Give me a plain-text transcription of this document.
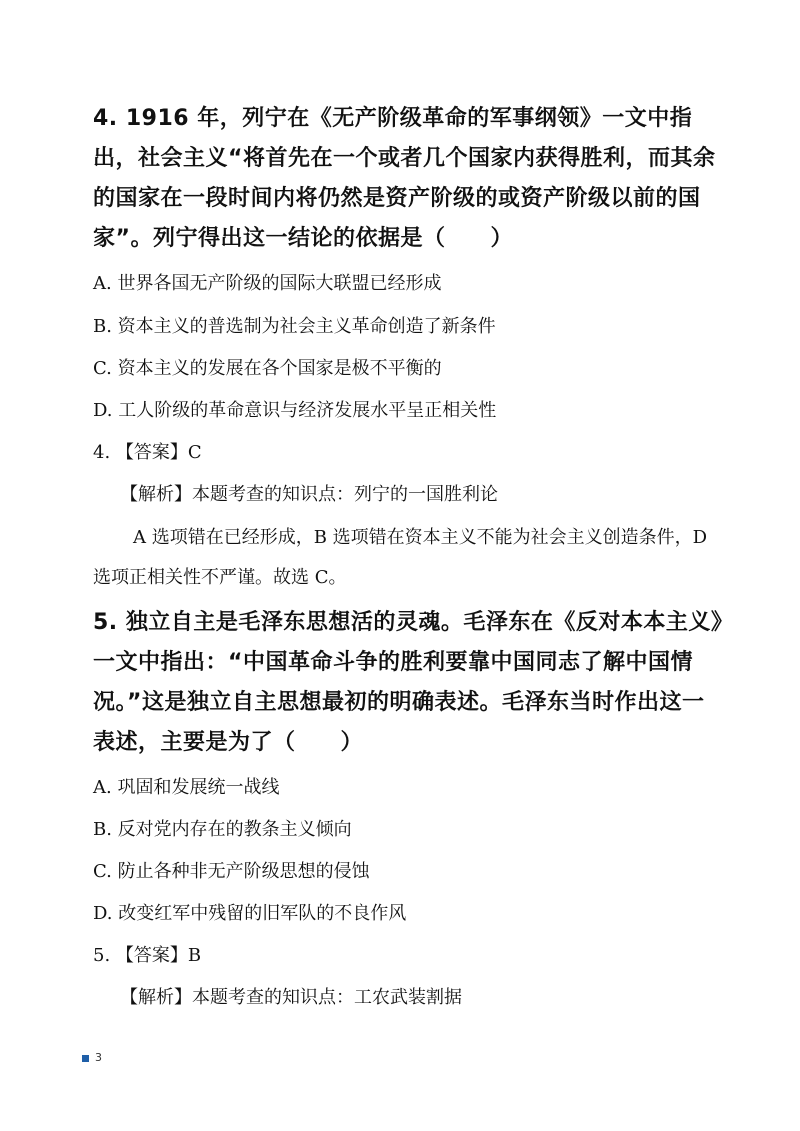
4. 1916 年，列宁在《无产阶级革命的军事纲领》一文中指出，社会主义“将首先在一个或者几个国家内获得胜利，而其余的国家在一段时间内将仍然是资产阶级的或资产阶级以前的国家”。列宁得出这一结论的依据是（　　）
A. 世界各国无产阶级的国际大联盟已经形成
B. 资本主义的普选制为社会主义革命创造了新条件
C. 资本主义的发展在各个国家是极不平衡的
D. 工人阶级的革命意识与经济发展水平呈正相关性
4. 【答案】C
【解析】本题考查的知识点：列宁的一国胜利论
A 选项错在已经形成，B 选项错在资本主义不能为社会主义创造条件，D 选项正相关性不严谨。故选 C。
5. 独立自主是毛泽东思想活的灵魂。毛泽东在《反对本本主义》一文中指出：“中国革命斗争的胜利要靠中国同志了解中国情况。”这是独立自主思想最初的明确表述。毛泽东当时作出这一表述，主要是为了（　　）
A. 巩固和发展统一战线
B. 反对党内存在的教条主义倾向
C. 防止各种非无产阶级思想的侵蚀
D. 改变红军中残留的旧军队的不良作风
5. 【答案】B
【解析】本题考查的知识点：工农武装割据
3
